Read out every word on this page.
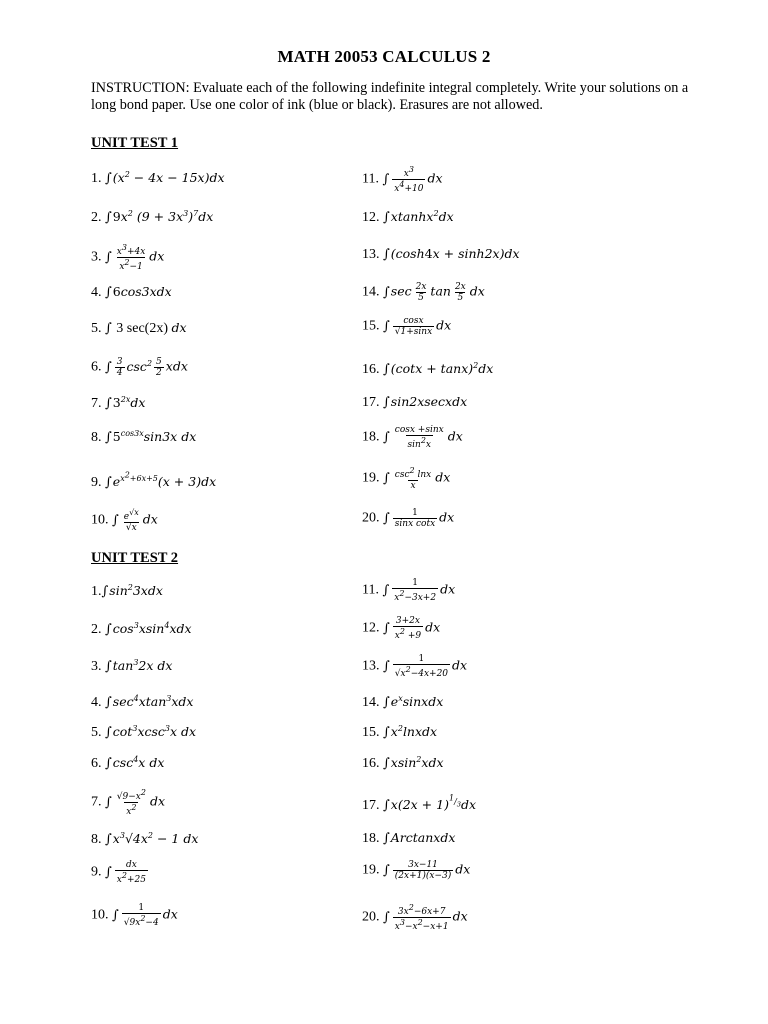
MATH 20053 CALCULUS 2
INSTRUCTION: Evaluate each of the following indefinite integral completely. Write your solutions on a long bond paper. Use one color of ink (blue or black). Erasures are not allowed.
UNIT TEST 1
1. $\int(x^2 - 4x - 15x)dx$
2. $\int 9x^2$ $(9 + 3x^3)^7dx$
3. ∫ $\frac{x^3+4x}{x^2-1}$ dx
4. ∫6cos3xdx
5. ∫ 3 sec(2x) dx
6. ∫ $\frac{3}{4} \csc^2 \frac{5}{2}$ xdx
7. $\int 3^{2x}dx$
8. $\int 5^{cos3x}\sin 3x$ dx
9. $\int e^{x^2+6x+5}(x + 3)dx$
10. ∫ $\frac{e^{√x}}{√x}$ dx
11. ∫ $\frac{x^3}{x^4+10}$ dx
12. ∫xtanhx$^2$dx
13. ∫(cosh4x + sinh2x)dx
14. $\int\sec \frac{2x}{5}$ $\tan \frac{2x}{5}$ dx
15. ∫ $\frac{\cos x}{√1+\sin x}$ dx
16. $\int(\cot x + \tan x)^2dx$
17. ∫sin2xsecxdx
18. ∫ $\frac{\cos x +\sin x}{\sin^2x}$ dx
19. ∫ $\frac{\csc^2 \ln x}{x}$ dx
20. ∫ $\frac{1}{\text{sinx cotx}}$ dx
UNIT TEST 2
$1.\int\sin^23xdx$
2. $\int\cos^3xsin^4xdx$
3. $\int\tan^32x$ dx
4. $\int\sec^4xtan^3xdx$
5. $\int\cot^3xcsc^3x$ dx
6. $\int\csc^4x$ dx
7. ∫ $\frac{√9-x^2}{x^2}$ dx
8. $\int x^3√4x^2 - 1$ dx
9. ∫ $\frac{dx}{x^2+25}$
10. ∫ $\frac{1}{√9x^2-4}$ dx
11. ∫ $\frac{1}{x^2-3x+2}$ dx
12. ∫ $\frac{3+2x}{x^2 +9}$ dx
13. ∫ $\frac{1}{√x^2-4x+20}$ dx
14. $\int e^xsinxdx$
15. $\int x^2lnxdx$
16. ∫xsin$^2$xdx
17. $\int x(2x + 1)^{^1/_3}dx$
18. ∫Arctanxdx
19. ∫ $\frac{3x-11}{(2x+1)(x-3)}$ dx
20. ∫ $\frac{3x^2-6x+7}{x^3-x^2-x+1}$ dx
